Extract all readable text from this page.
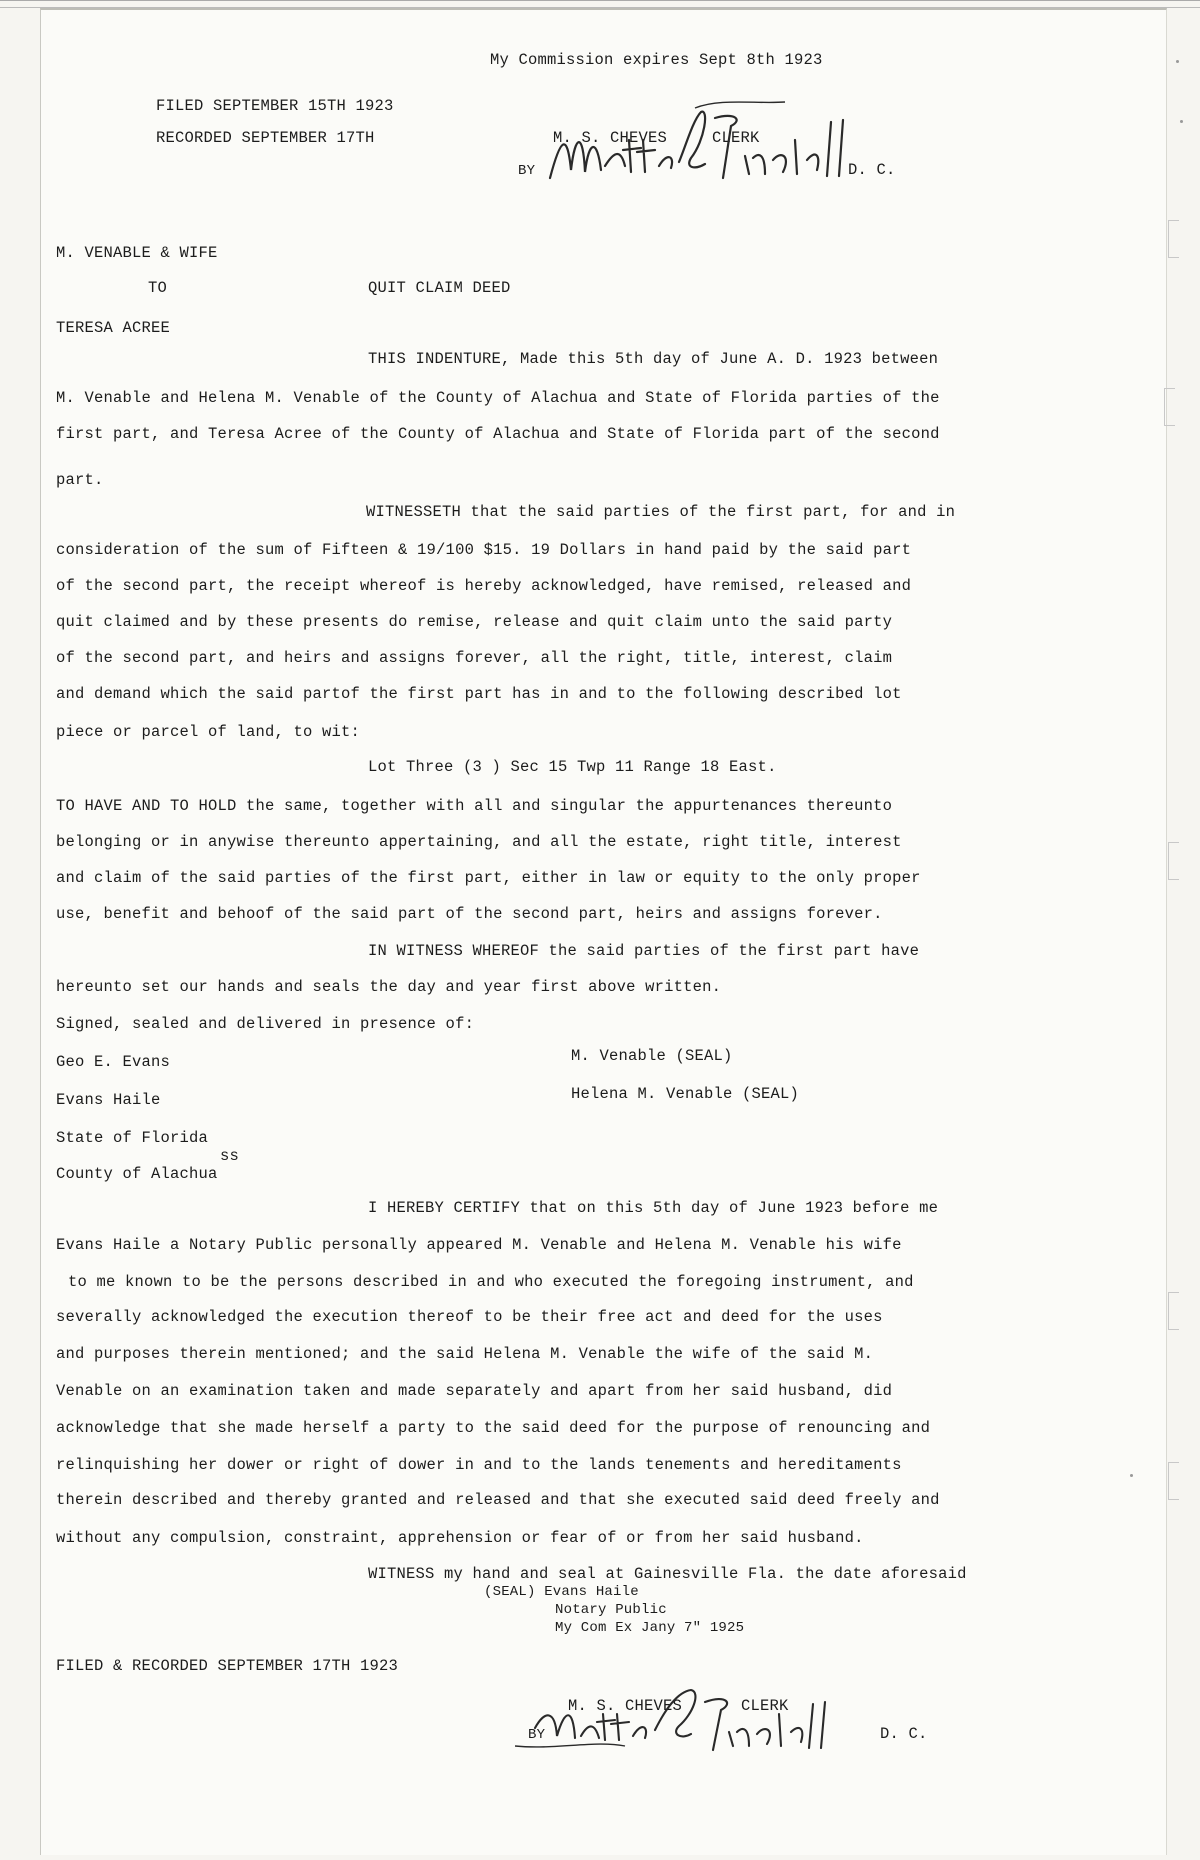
My Commission expires Sept 8th 1923
FILED SEPTEMBER 15TH 1923
RECORDED SEPTEMBER 17TH	M. S. CHEVES	CLERK
BY	D. C.
M. VENABLE & WIFE
TO	QUIT CLAIM DEED
TERESA ACREE
THIS INDENTURE, Made this 5th day of June A. D. 1923 between
M. Venable and Helena M. Venable of the County of Alachua and State of Florida parties of the
first part, and Teresa Acree of the County of Alachua and State of Florida part of the second
part.
WITNESSETH that the said parties of the first part, for and in
consideration of the sum of Fifteen & 19/100 $15. 19 Dollars in hand paid by the said part
of the second part, the receipt whereof is hereby acknowledged, have remised, released and
quit claimed and by these presents do remise, release and quit claim unto the said party
of the second part, and heirs and assigns forever, all the right, title, interest, claim
and demand which the said partof the first part has in and to the following described lot
piece or parcel of land, to wit:
Lot Three (3 ) Sec 15 Twp 11 Range 18 East.
TO HAVE AND TO HOLD the same, together with all and singular the appurtenances thereunto
belonging or in anywise thereunto appertaining, and all the estate, right title, interest
and claim of the said parties of the first part, either in law or equity to the only proper
use, benefit and behoof of the said part of the second part, heirs and assigns forever.
IN WITNESS WHEREOF the said parties of the first part have
hereunto set our hands and seals the day and year first above written.
Signed, sealed and delivered in presence of:
Geo E. Evans
Evans Haile
M. Venable (SEAL)
Helena M. Venable (SEAL)
State of Florida
ss
County of Alachua
I HEREBY CERTIFY that on this 5th day of June 1923 before me
Evans Haile a Notary Public personally appeared M. Venable and Helena M. Venable his wife
to me known to be the persons described in and who executed the foregoing instrument, and
severally acknowledged the execution thereof to be their free act and deed for the uses
and purposes therein mentioned; and the said Helena M. Venable the wife of the said M.
Venable on an examination taken and made separately and apart from her said husband, did
acknowledge that she made herself a party to the said deed for the purpose of renouncing and
relinquishing her dower or right of dower in and to the lands tenements and hereditaments
therein described and thereby granted and released and that she executed said deed freely and
without any compulsion, constraint, apprehension or fear of or from her said husband.
WITNESS my hand and seal at Gainesville Fla. the date aforesaid
(SEAL) Evans Haile
Notary Public
My Com Ex Jany 7" 1925
FILED & RECORDED SEPTEMBER 17TH 1923
M. S. CHEVES	CLERK
BY	D. C.
